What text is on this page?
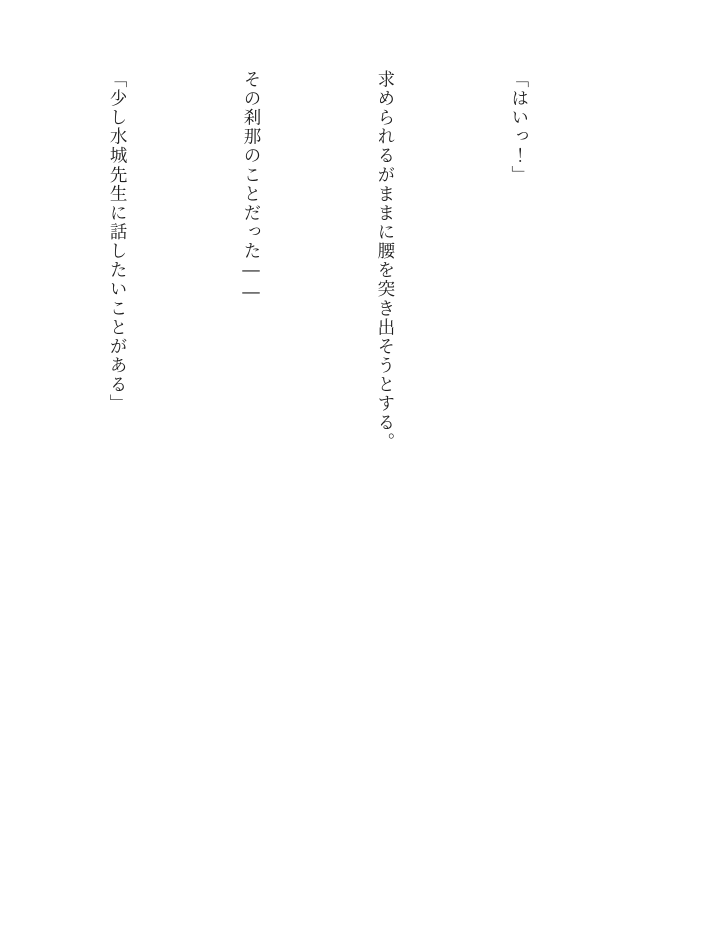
「はいっ！」

求められるがままに腰を突き出そうとする。

その刹那のことだった――

「少し水城先生に話したいことがある」
